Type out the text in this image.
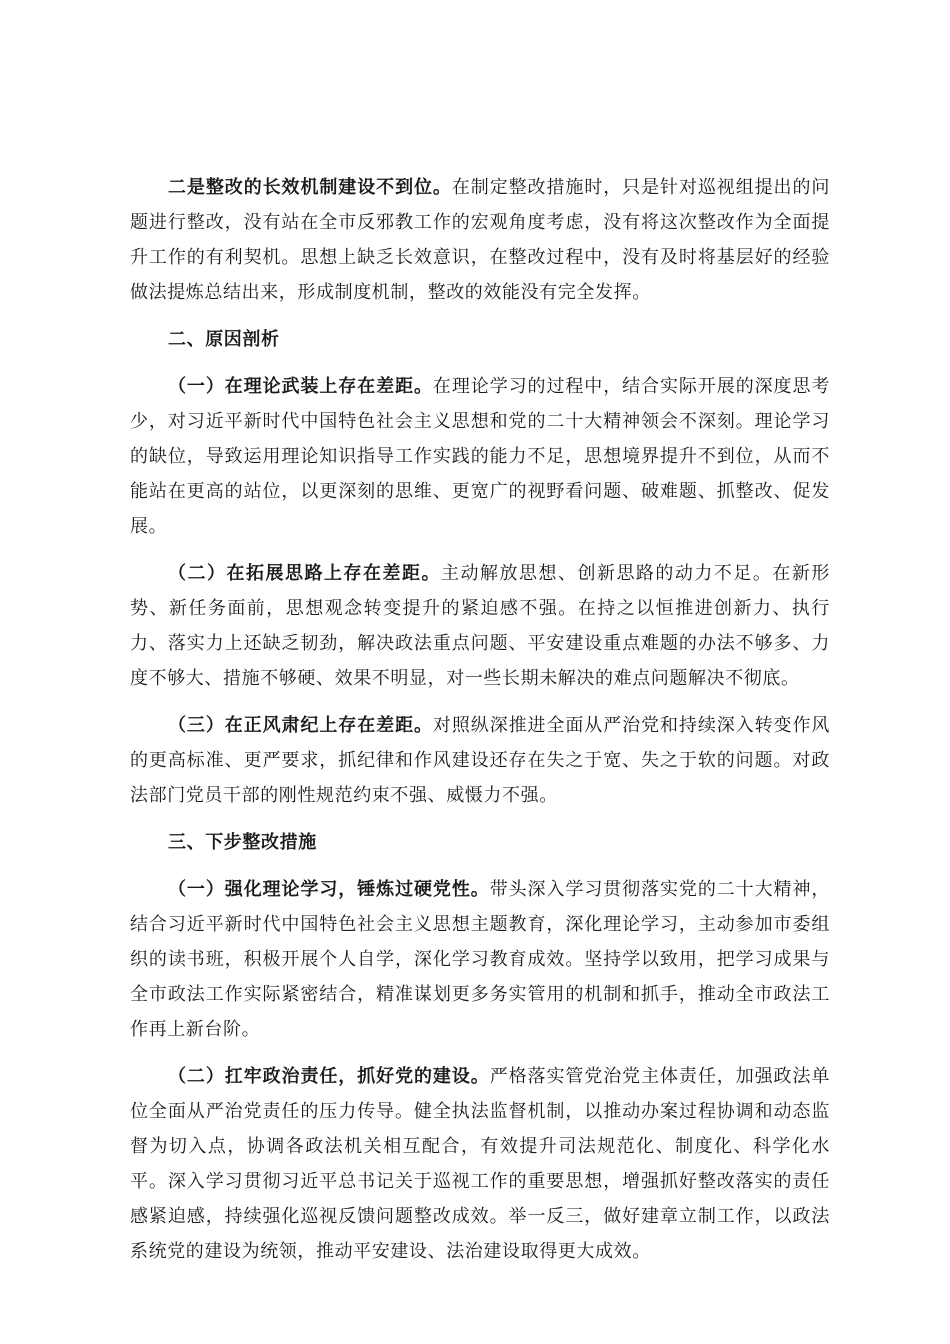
二是整改的长效机制建设不到位。在制定整改措施时，只是针对巡视组提出的问题进行整改，没有站在全市反邪教工作的宏观角度考虑，没有将这次整改作为全面提升工作的有利契机。思想上缺乏长效意识，在整改过程中，没有及时将基层好的经验做法提炼总结出来，形成制度机制，整改的效能没有完全发挥。

二、原因剖析

（一）在理论武装上存在差距。在理论学习的过程中，结合实际开展的深度思考少，对习近平新时代中国特色社会主义思想和党的二十大精神领会不深刻。理论学习的缺位，导致运用理论知识指导工作实践的能力不足，思想境界提升不到位，从而不能站在更高的站位，以更深刻的思维、更宽广的视野看问题、破难题、抓整改、促发展。

（二）在拓展思路上存在差距。主动解放思想、创新思路的动力不足。在新形势、新任务面前，思想观念转变提升的紧迫感不强。在持之以恒推进创新力、执行力、落实力上还缺乏韧劲，解决政法重点问题、平安建设重点难题的办法不够多、力度不够大、措施不够硬、效果不明显，对一些长期未解决的难点问题解决不彻底。

（三）在正风肃纪上存在差距。对照纵深推进全面从严治党和持续深入转变作风的更高标准、更严要求，抓纪律和作风建设还存在失之于宽、失之于软的问题。对政法部门党员干部的刚性规范约束不强、威慑力不强。

三、下步整改措施

（一）强化理论学习，锤炼过硬党性。带头深入学习贯彻落实党的二十大精神，结合习近平新时代中国特色社会主义思想主题教育，深化理论学习，主动参加市委组织的读书班，积极开展个人自学，深化学习教育成效。坚持学以致用，把学习成果与全市政法工作实际紧密结合，精准谋划更多务实管用的机制和抓手，推动全市政法工作再上新台阶。

（二）扛牢政治责任，抓好党的建设。严格落实管党治党主体责任，加强政法单位全面从严治党责任的压力传导。健全执法监督机制，以推动办案过程协调和动态监督为切入点，协调各政法机关相互配合，有效提升司法规范化、制度化、科学化水平。深入学习贯彻习近平总书记关于巡视工作的重要思想，增强抓好整改落实的责任感紧迫感，持续强化巡视反馈问题整改成效。举一反三，做好建章立制工作，以政法系统党的建设为统领，推动平安建设、法治建设取得更大成效。
